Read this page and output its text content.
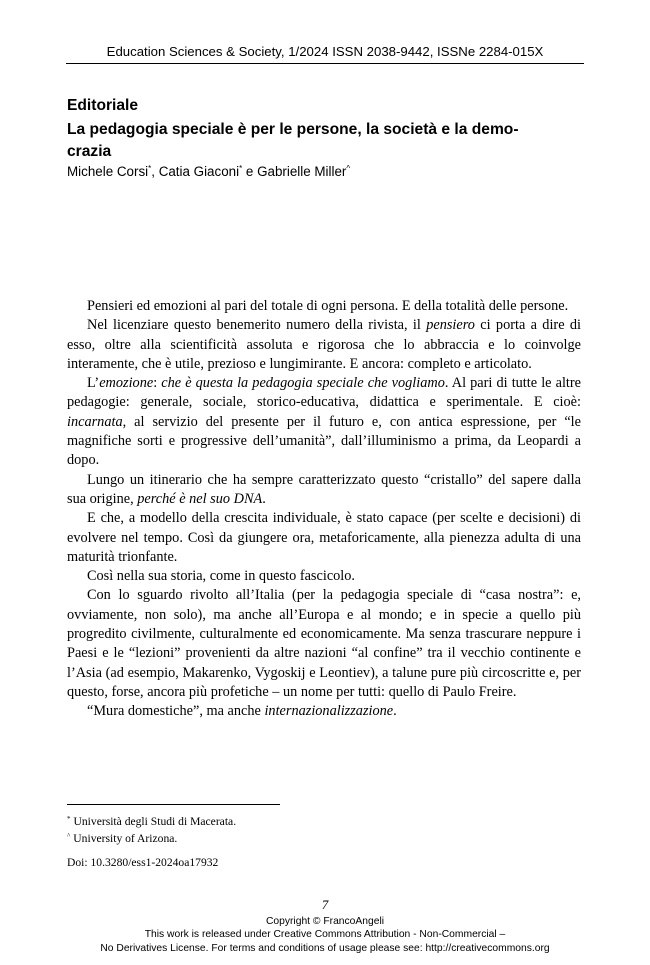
Education Sciences & Society, 1/2024 ISSN 2038-9442, ISSNe 2284-015X
Editoriale
La pedagogia speciale è per le persone, la società e la demo-
crazia
Michele Corsi*, Catia Giaconi* e Gabrielle Miller^

Pensieri ed emozioni al pari del totale di ogni persona. E della totalità delle persone.

Nel licenziare questo benemerito numero della rivista, il pensiero ci porta a dire di esso, oltre alla scientificità assoluta e rigorosa che lo abbraccia e lo coinvolge interamente, che è utile, prezioso e lungimirante. E ancora: completo e articolato.

L’emozione: che è questa la pedagogia speciale che vogliamo. Al pari di tutte le altre pedagogie: generale, sociale, storico-educativa, didattica e sperimentale. E cioè: incarnata, al servizio del presente per il futuro e, con antica espressione, per “le magnifiche sorti e progressive dell’umanità”, dall’illuminismo a prima, da Leopardi a dopo.

Lungo un itinerario che ha sempre caratterizzato questo “cristallo” del sapere dalla sua origine, perché è nel suo DNA.

E che, a modello della crescita individuale, è stato capace (per scelte e decisioni) di evolvere nel tempo. Così da giungere ora, metaforicamente, alla pienezza adulta di una maturità trionfante.

Così nella sua storia, come in questo fascicolo.

Con lo sguardo rivolto all’Italia (per la pedagogia speciale di “casa nostra”: e, ovviamente, non solo), ma anche all’Europa e al mondo; e in specie a quello più progredito civilmente, culturalmente ed economicamente. Ma senza trascurare neppure i Paesi e le “lezioni” provenienti da altre nazioni “al confine” tra il vecchio continente e l’Asia (ad esempio, Makarenko, Vygoskij e Leontiev), a talune pure più circoscritte e, per questo, forse, ancora più profetiche – un nome per tutti: quello di Paulo Freire.

“Mura domestiche”, ma anche internazionalizzazione.

* Università degli Studi di Macerata.
^ University of Arizona.
Doi: 10.3280/ess1-2024oa17932
7
Copyright © FrancoAngeli
This work is released under Creative Commons Attribution - Non-Commercial –
No Derivatives License. For terms and conditions of usage please see: http://creativecommons.org
